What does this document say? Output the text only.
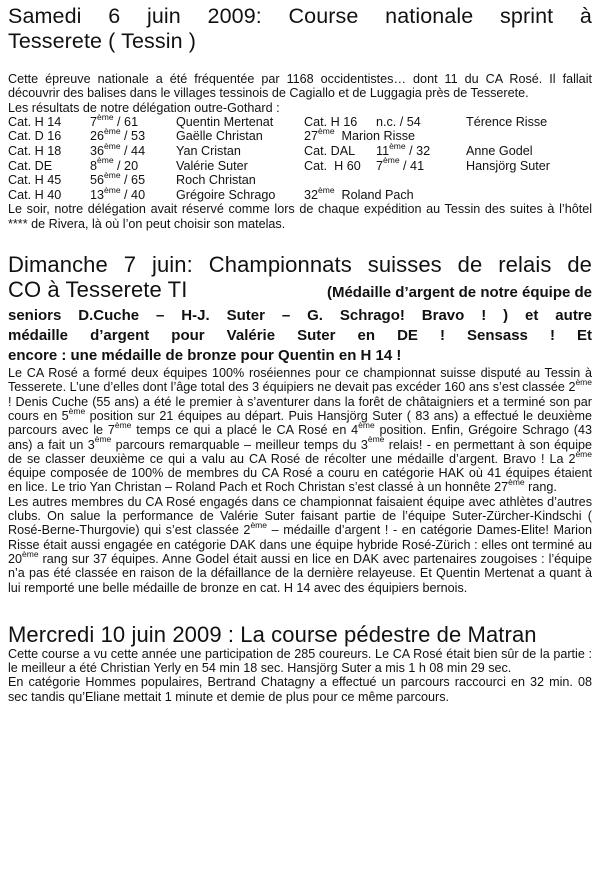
Samedi 6 juin 2009: Course nationale sprint à
Tesserete ( Tessin )

Cette épreuve nationale a été fréquentée par 1168 occidentistes… dont 11 du CA Rosé. Il fallait découvrir des balises dans le villages tessinois de Cagiallo et de Luggagia près de Tesserete.

Les résultats de notre délégation outre-Gothard :

Cat. H 14	7ème / 61	Quentin Mertenat	Cat. H 16	n.c. / 54	Térence Risse
Cat. D 16	26ème / 53	Gaëlle Christan	27ème  Marion Risse		
Cat. H 18	36ème / 44	Yan Cristan	Cat. DAL	11ème / 32	Anne Godel
Cat. DE	8ème / 20	Valérie Suter	Cat.  H 60	7ème / 41	Hansjörg Suter
Cat. H 45	56ème / 65	Roch Christan			
Cat. H 40	13ème / 40	Grégoire Schrago	32ème  Roland Pach		

Le soir, notre délégation avait réservé comme lors de chaque expédition au Tessin des suites à l’hôtel **** de Rivera, là où l’on peut choisir son matelas.

Dimanche 7 juin: Championnats suisses de relais de
CO à Tesserete TI	(Médaille d’argent de notre équipe de

seniors D.Cuche – H-J. Suter – G. Schrago! Bravo ! ) et autre

médaille d’argent pour Valérie Suter en DE ! Sensass ! Et

encore : une médaille de bronze pour Quentin en H 14 !

Le CA Rosé a formé deux équipes 100% roséiennes pour ce championnat suisse disputé au Tessin à Tesserete. L’une d’elles dont l’âge total des 3 équipiers ne devait pas excéder 160 ans s’est classée 2ème ! Denis Cuche (55 ans) a été le premier à s’aventurer dans la forêt de châtaigniers et a terminé son par cours en 5ème position sur 21 équipes au départ. Puis Hansjörg Suter ( 83 ans) a effectué le deuxième parcours avec le 7ème temps ce qui a placé le CA Rosé en 4ème position. Enfin, Grégoire Schrago (43 ans) a fait un 3ème parcours remarquable – meilleur temps du 3ème relais! - en permettant à son équipe de se classer deuxième ce qui a valu au CA Rosé de récolter une médaille d’argent. Bravo ! La 2ème équipe composée de 100% de membres du CA Rosé a couru en catégorie HAK où 41 équipes étaient en lice. Le trio Yan Christan – Roland Pach et Roch Christan s’est classé à un honnête 27ème rang.

Les autres membres du CA Rosé engagés dans ce championnat faisaient équipe avec athlètes d’autres clubs. On salue la performance de Valérie Suter faisant partie de l’équipe Suter-Zürcher-Kindschi ( Rosé-Berne-Thurgovie) qui s’est classée 2ème – médaille d’argent ! - en catégorie Dames-Elite! Marion Risse était aussi engagée en catégorie DAK dans une équipe hybride Rosé-Zürich : elles ont terminé au 20ème rang sur 37 équipes. Anne Godel était aussi en lice en DAK avec partenaires zougoises : l’équipe n’a pas été classée en raison de la défaillance de la dernière relayeuse. Et Quentin Mertenat a quant à lui remporté une belle médaille de bronze en cat. H 14 avec des équipiers bernois.

Mercredi 10 juin 2009 : La course pédestre de Matran

Cette course a vu cette année une participation de 285 coureurs. Le CA Rosé était bien sûr de la partie : le meilleur a été Christian Yerly en 54 min 18 sec. Hansjörg Suter a mis 1 h 08 min 29 sec.

En catégorie Hommes populaires, Bertrand Chatagny a effectué un parcours raccourci en 32 min. 08 sec tandis qu’Eliane mettait 1 minute et demie de plus pour ce même parcours.
